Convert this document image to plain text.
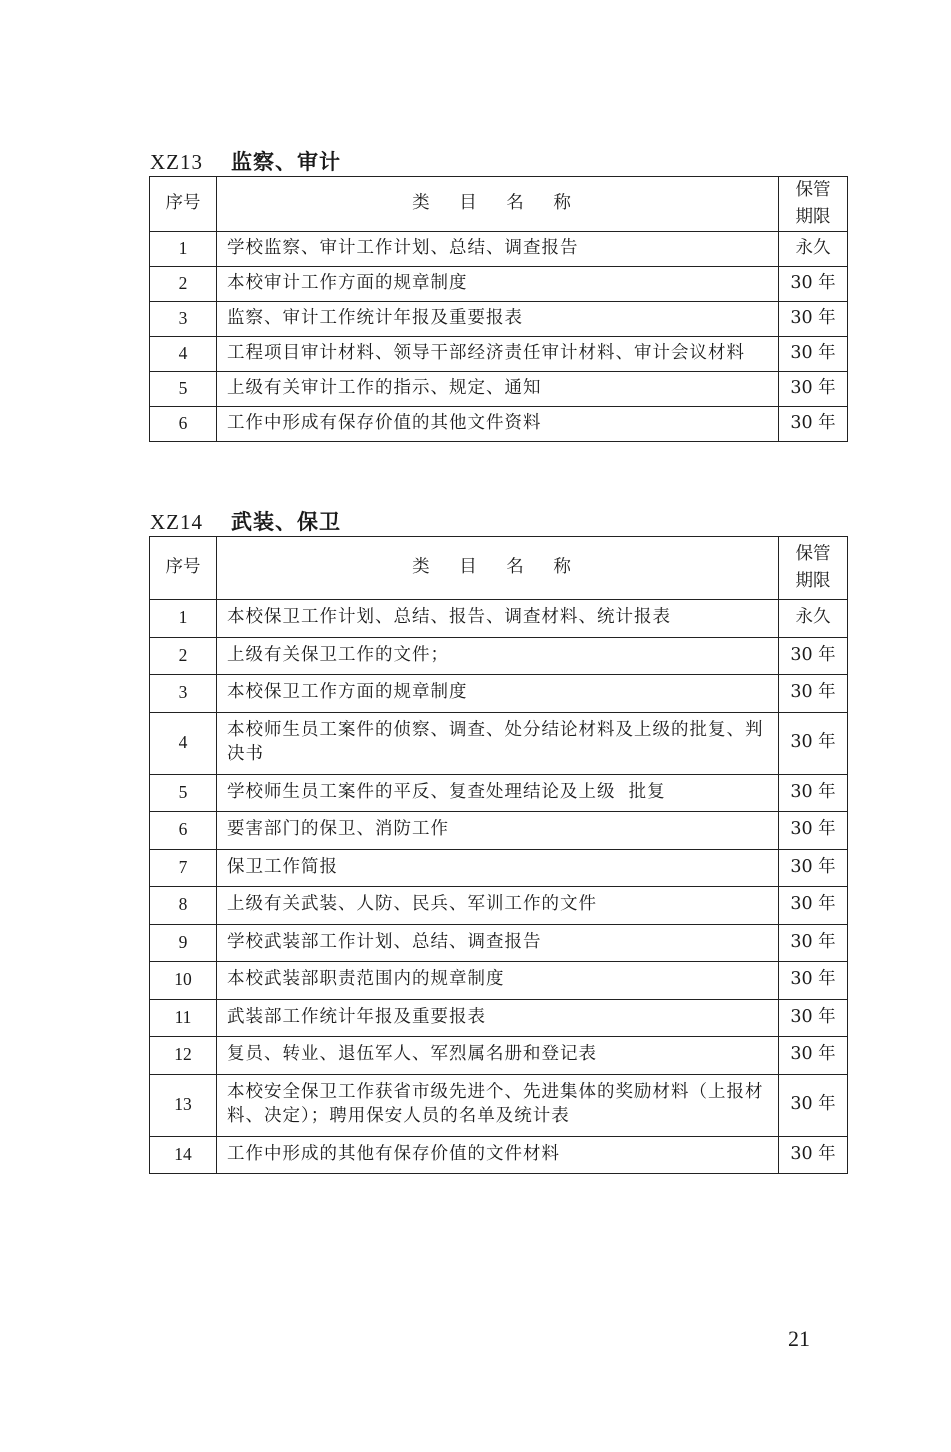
XZ13 监察、审计
序号	类 目 名 称	保管
期限

1	学校监察、审计工作计划、总结、调查报告	永久
2	本校审计工作方面的规章制度	30 年
3	监察、审计工作统计年报及重要报表	30 年
4	工程项目审计材料、领导干部经济责任审计材料、审计会议材料	30 年
5	上级有关审计工作的指示、规定、通知	30 年
6	工作中形成有保存价值的其他文件资料	30 年
XZ14 武装、保卫
序号	类 目 名 称	保管
期限

1	本校保卫工作计划、总结、报告、调查材料、统计报表	永久
2	上级有关保卫工作的文件；	30 年
3	本校保卫工作方面的规章制度	30 年
4	本校师生员工案件的侦察、调查、处分结论材料及上级的批复、判决书	30 年
5	学校师生员工案件的平反、复查处理结论及上级  批复	30 年
6	要害部门的保卫、消防工作	30 年
7	保卫工作简报	30 年
8	上级有关武装、人防、民兵、军训工作的文件	30 年
9	学校武装部工作计划、总结、调查报告	30 年
10	本校武装部职责范围内的规章制度	30 年
11	武装部工作统计年报及重要报表	30 年
12	复员、转业、退伍军人、军烈属名册和登记表	30 年
13	本校安全保卫工作获省市级先进个、先进集体的奖励材料（上报材料、决定）；聘用保安人员的名单及统计表	30 年
14	工作中形成的其他有保存价值的文件材料	30 年
21
